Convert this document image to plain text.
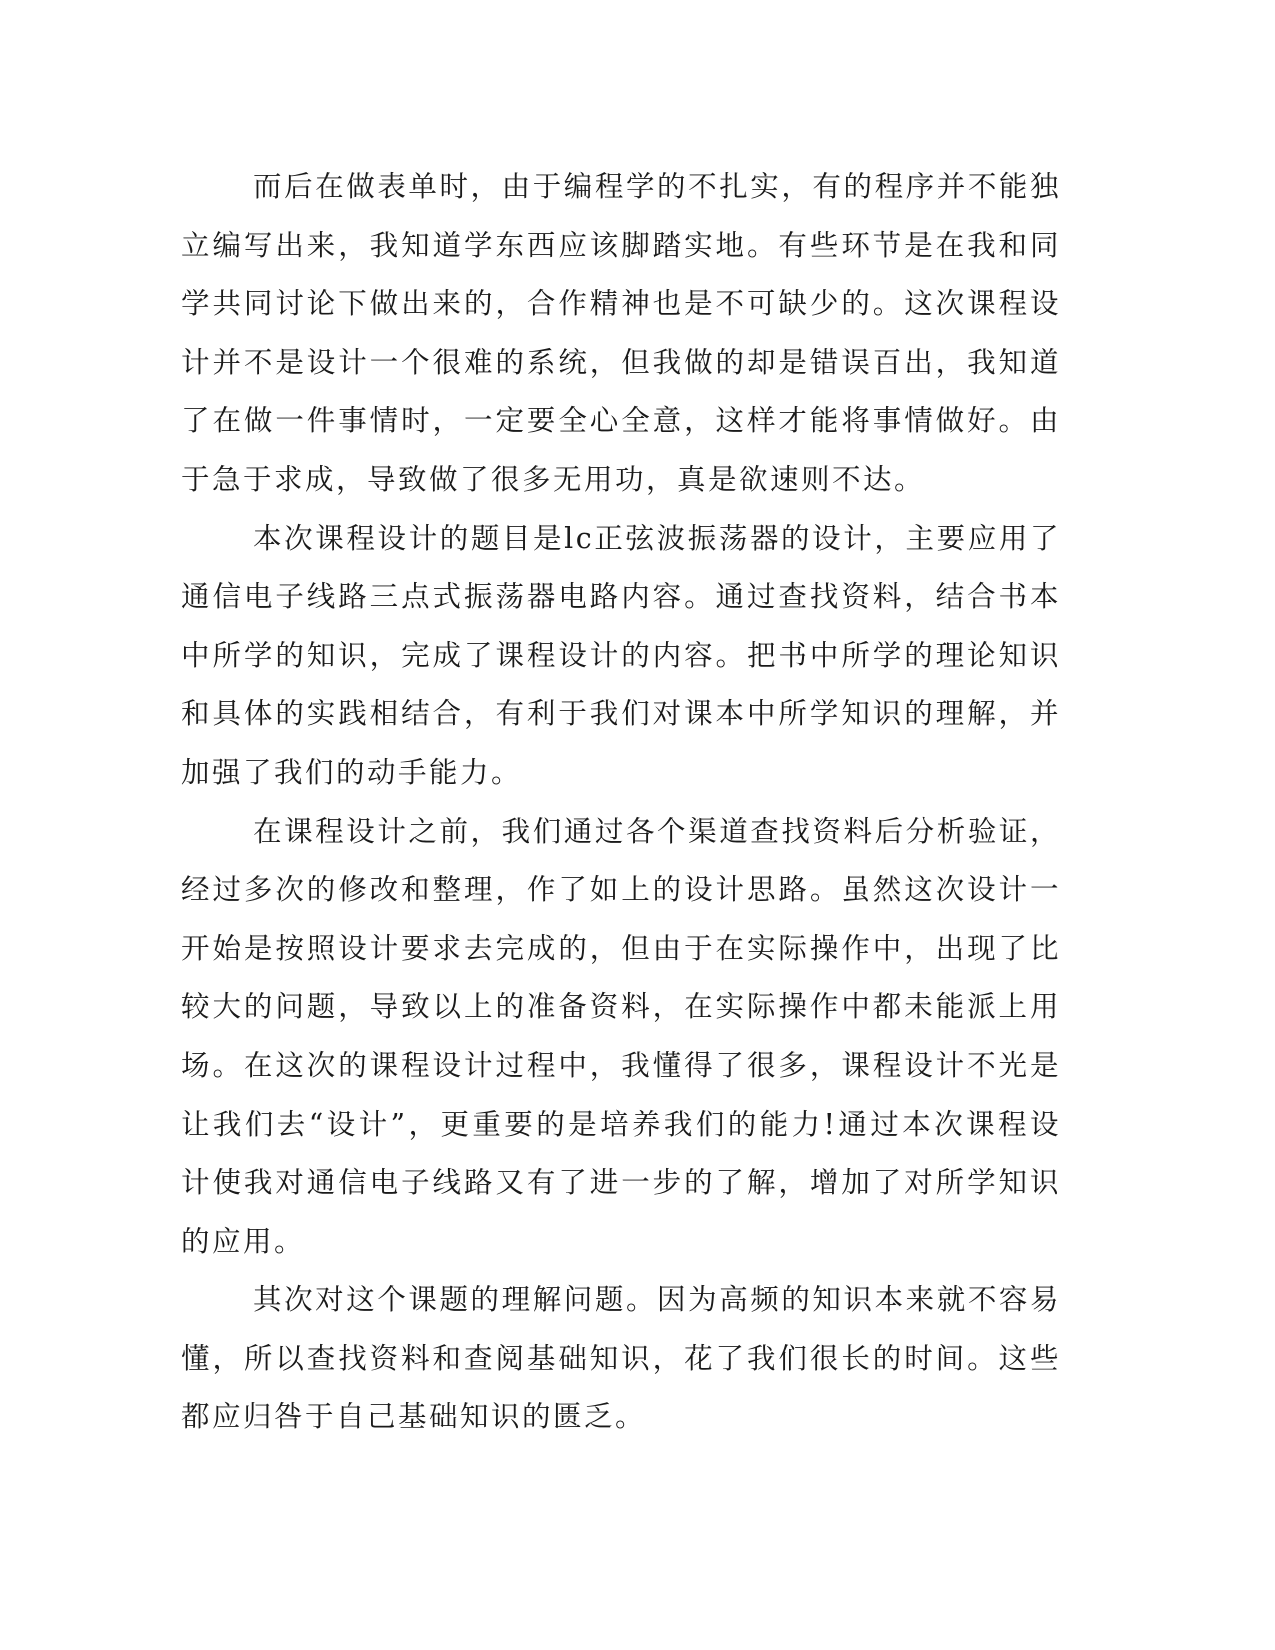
而后在做表单时，由于编程学的不扎实，有的程序并不能独立编写出来，我知道学东西应该脚踏实地。有些环节是在我和同学共同讨论下做出来的，合作精神也是不可缺少的。这次课程设计并不是设计一个很难的系统，但我做的却是错误百出，我知道了在做一件事情时，一定要全心全意，这样才能将事情做好。由于急于求成，导致做了很多无用功，真是欲速则不达。

本次课程设计的题目是lc正弦波振荡器的设计，主要应用了通信电子线路三点式振荡器电路内容。通过查找资料，结合书本中所学的知识，完成了课程设计的内容。把书中所学的理论知识和具体的实践相结合，有利于我们对课本中所学知识的理解，并加强了我们的动手能力。

在课程设计之前，我们通过各个渠道查找资料后分析验证，经过多次的修改和整理，作了如上的设计思路。虽然这次设计一开始是按照设计要求去完成的，但由于在实际操作中，出现了比较大的问题，导致以上的准备资料，在实际操作中都未能派上用场。在这次的课程设计过程中，我懂得了很多，课程设计不光是让我们去“设计”，更重要的是培养我们的能力!通过本次课程设计使我对通信电子线路又有了进一步的了解，增加了对所学知识的应用。

其次对这个课题的理解问题。因为高频的知识本来就不容易懂，所以查找资料和查阅基础知识，花了我们很长的时间。这些都应归咎于自己基础知识的匮乏。
